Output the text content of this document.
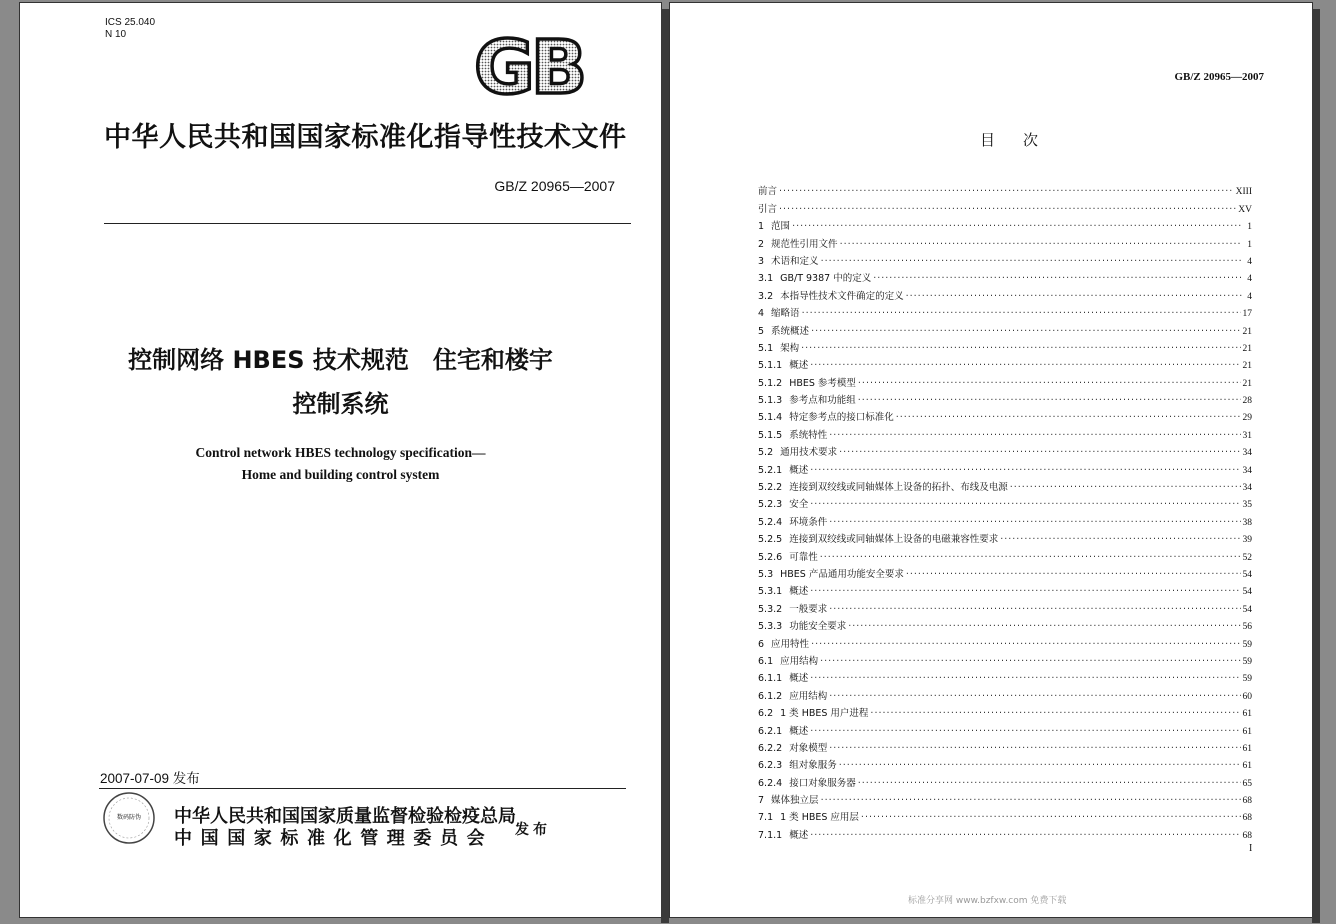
ICS 25.040
N 10	GB
中华人民共和国国家标准化指导性技术文件
GB/Z 20965—2007
控制网络 HBES 技术规范　住宅和楼宇
控制系统
Control network HBES technology specification—
Home and building control system
2007-07-09 发布
数码防伪	中华人民共和国国家质量监督检验检疫总局
中国国家标准化管理委员会 发布
GB/Z 20965—2007
目次
前言 ·····	XIII
引言 ·····	XV
1 范围 ·····	1
2 规范性引用文件 ·····	1
3 术语和定义 ·····	4
3.1 GB/T 9387 中的定义 ·····	4
3.2 本指导性技术文件确定的定义 ·····	4
4 缩略语 ·····	17
5 系统概述 ·····	21
5.1 架构 ·····	21
5.1.1 概述 ·····	21
5.1.2 HBES 参考模型 ·····	21
5.1.3 参考点和功能组 ·····	28
5.1.4 特定参考点的接口标准化 ·····	29
5.1.5 系统特性 ·····	31
5.2 通用技术要求 ·····	34
5.2.1 概述 ·····	34
5.2.2 连接到双绞线或同轴媒体上设备的拓扑、布线及电源 ·····	34
5.2.3 安全 ·····	35
5.2.4 环境条件 ·····	38
5.2.5 连接到双绞线或同轴媒体上设备的电磁兼容性要求 ·····	39
5.2.6 可靠性 ·····	52
5.3 HBES 产品通用功能安全要求 ·····	54
5.3.1 概述 ·····	54
5.3.2 一般要求 ·····	54
5.3.3 功能安全要求 ·····	56
6 应用特性 ·····	59
6.1 应用结构 ·····	59
6.1.1 概述 ·····	59
6.1.2 应用结构 ·····	60
6.2 1 类 HBES 用户进程 ·····	61
6.2.1 概述 ·····	61
6.2.2 对象模型 ·····	61
6.2.3 组对象服务 ·····	61
6.2.4 接口对象服务器 ·····	65
7 媒体独立层 ·····	68
7.1 1 类 HBES 应用层 ·····	68
7.1.1 概述 ·····	68
I
标准分享网 www.bzfxw.com 免费下载
